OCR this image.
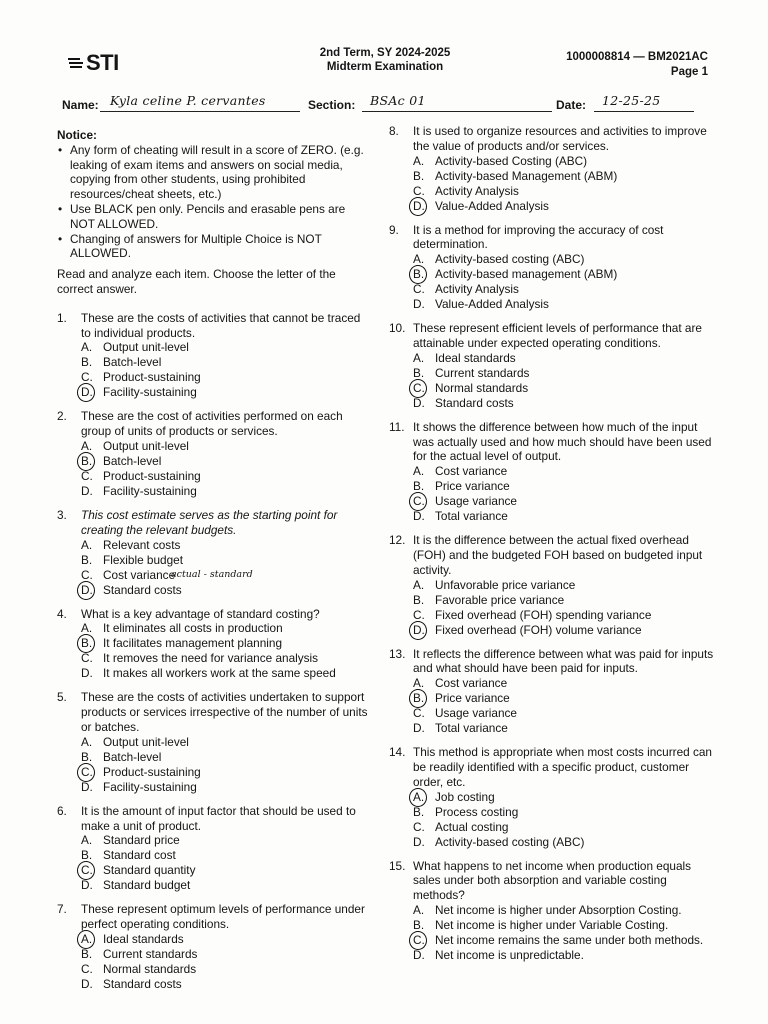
STI	2nd Term, SY 2024-2025
Midterm Examination
1000008814 — BM2021AC
Page 1
Name: Kyla celine P. cervantes	Section: BSAc 01	Date: 12-25-25
Notice:
• Any form of cheating will result in a score of ZERO. (e.g. leaking of exam items and answers on social media, copying from other students, using prohibited resources/cheat sheets, etc.)
• Use BLACK pen only. Pencils and erasable pens are NOT ALLOWED.
• Changing of answers for Multiple Choice is NOT ALLOWED.
Read and analyze each item. Choose the letter of the correct answer.
1.	These are the costs of activities that cannot be traced to individual products.
A. Output unit-level
B. Batch-level
C. Product-sustaining
D. Facility-sustaining
2.	These are the cost of activities performed on each group of units of products or services.
A. Output unit-level
B. Batch-level
C. Product-sustaining
D. Facility-sustaining
3.	This cost estimate serves as the starting point for creating the relevant budgets.
A. Relevant costs
B. Flexible budget
C. Cost variance
actual - standard
D. Standard costs
4.	What is a key advantage of standard costing?
A. It eliminates all costs in production
B. It facilitates management planning
C. It removes the need for variance analysis
D. It makes all workers work at the same speed
5.	These are the costs of activities undertaken to support products or services irrespective of the number of units or batches.
A. Output unit-level
B. Batch-level
C. Product-sustaining
D. Facility-sustaining
6.	It is the amount of input factor that should be used to make a unit of product.
A. Standard price
B. Standard cost
C. Standard quantity
D. Standard budget
7.	These represent optimum levels of performance under perfect operating conditions.
A. Ideal standards
B. Current standards
C. Normal standards
D. Standard costs
8.	It is used to organize resources and activities to improve the value of products and/or services.
A. Activity-based Costing (ABC)
B. Activity-based Management (ABM)
C. Activity Analysis
D. Value-Added Analysis
9.	It is a method for improving the accuracy of cost determination.
A. Activity-based costing (ABC)
B. Activity-based management (ABM)
C. Activity Analysis
D. Value-Added Analysis
10. These represent efficient levels of performance that are attainable under expected operating conditions.
A. Ideal standards
B. Current standards
C. Normal standards
D. Standard costs
11. It shows the difference between how much of the input was actually used and how much should have been used for the actual level of output.
A. Cost variance
B. Price variance
C. Usage variance
D. Total variance
12. It is the difference between the actual fixed overhead (FOH) and the budgeted FOH based on budgeted input activity.
A. Unfavorable price variance
B. Favorable price variance
C. Fixed overhead (FOH) spending variance
D. Fixed overhead (FOH) volume variance
13. It reflects the difference between what was paid for inputs and what should have been paid for inputs.
A. Cost variance
B. Price variance
C. Usage variance
D. Total variance
14. This method is appropriate when most costs incurred can be readily identified with a specific product, customer order, etc.
A. Job costing
B. Process costing
C. Actual costing
D. Activity-based costing (ABC)
15. What happens to net income when production equals sales under both absorption and variable costing methods?
A. Net income is higher under Absorption Costing.
B. Net income is higher under Variable Costing.
C. Net income remains the same under both methods.
D. Net income is unpredictable.
